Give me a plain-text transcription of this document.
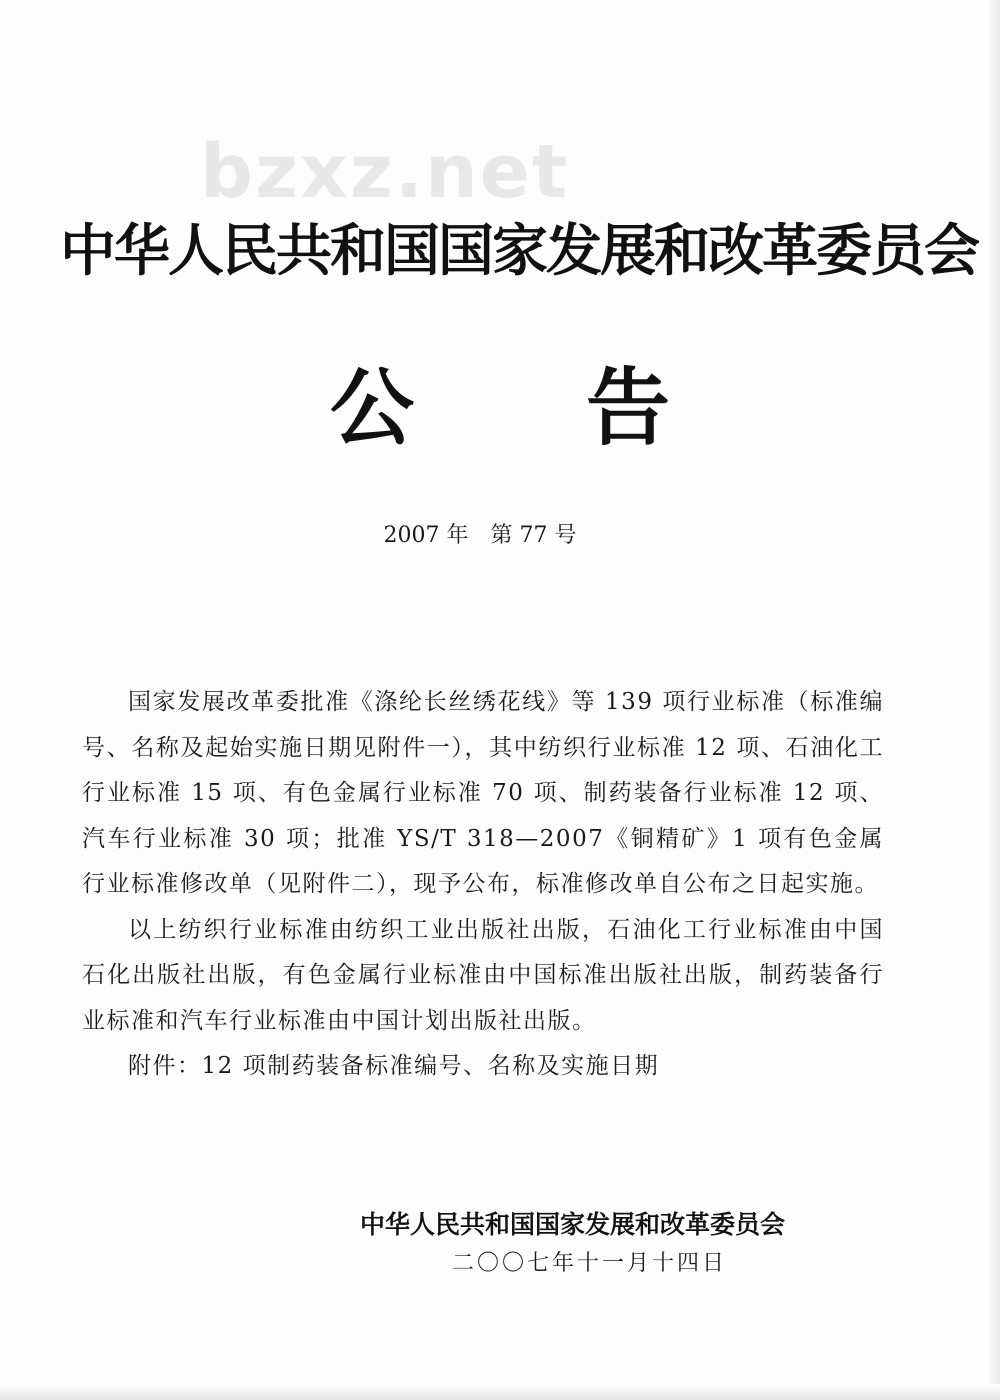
bzxz.net
中华人民共和国国家发展和改革委员会
公 告
2007 年　第 77 号

国家发展改革委批准《涤纶长丝绣花线》等 139 项行业标准（标准编号、名称及起始实施日期见附件一），其中纺织行业标准 12 项、石油化工行业标准 15 项、有色金属行业标准 70 项、制药装备行业标准 12 项、汽车行业标准 30 项；批准 YS/T 318—2007《铜精矿》1 项有色金属行业标准修改单（见附件二），现予公布，标准修改单自公布之日起实施。

以上纺织行业标准由纺织工业出版社出版，石油化工行业标准由中国石化出版社出版，有色金属行业标准由中国标准出版社出版，制药装备行业标准和汽车行业标准由中国计划出版社出版。

附件：12 项制药装备标准编号、名称及实施日期

中华人民共和国国家发展和改革委员会
二〇〇七年十一月十四日
